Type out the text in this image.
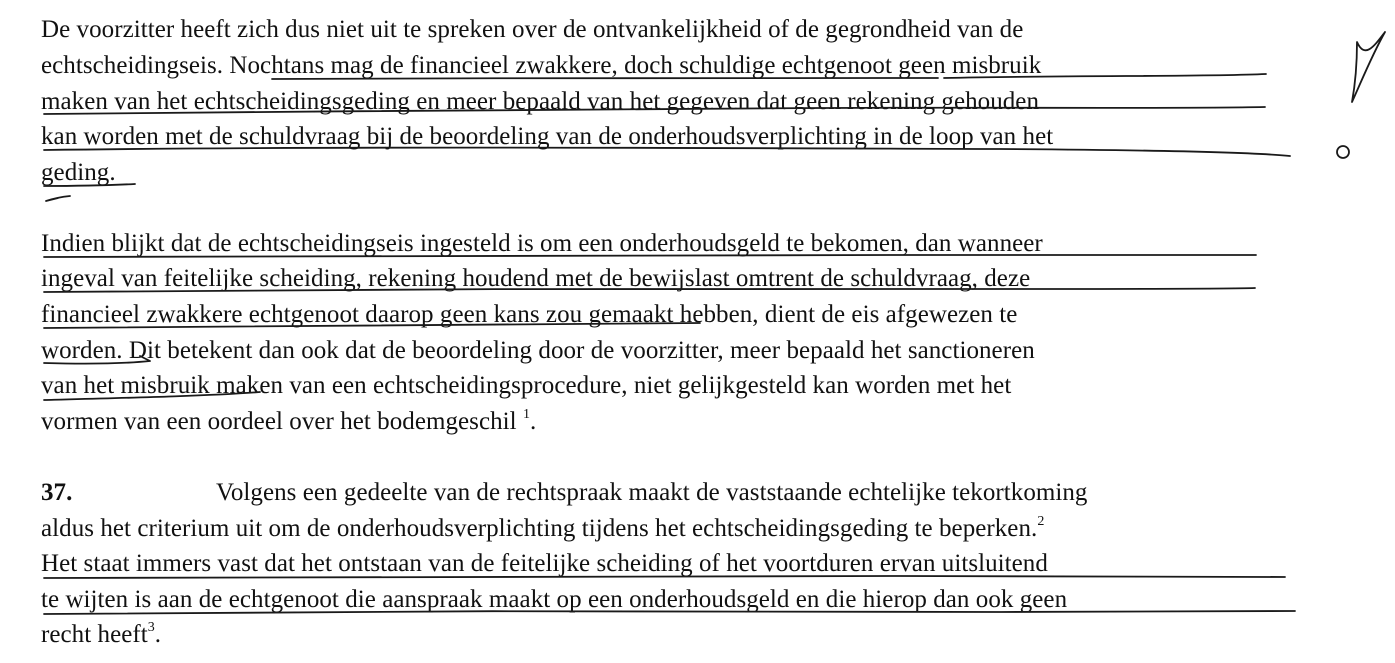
De voorzitter heeft zich dus niet uit te spreken over de ontvankelijkheid of de gegrondheid van de
echtscheidingseis. Nochtans mag de financieel zwakkere, doch schuldige echtgenoot geen misbruik
maken van het echtscheidingsgeding en meer bepaald van het gegeven dat geen rekening gehouden
kan worden met de schuldvraag bij de beoordeling van de onderhoudsverplichting in de loop van het
geding.
Indien blijkt dat de echtscheidingseis ingesteld is om een onderhoudsgeld te bekomen, dan wanneer
ingeval van feitelijke scheiding, rekening houdend met de bewijslast omtrent de schuldvraag, deze
financieel zwakkere echtgenoot daarop geen kans zou gemaakt hebben, dient de eis afgewezen te
worden. Dit betekent dan ook dat de beoordeling door de voorzitter, meer bepaald het sanctioneren
van het misbruik maken van een echtscheidingsprocedure, niet gelijkgesteld kan worden met het
vormen van een oordeel over het bodemgeschil $^1$.
37.	Volgens een gedeelte van de rechtspraak maakt de vaststaande echtelijke tekortkoming
aldus het criterium uit om de onderhoudsverplichting tijdens het echtscheidingsgeding te beperken.$^2$
Het staat immers vast dat het ontstaan van de feitelijke scheiding of het voortduren ervan uitsluitend
te wijten is aan de echtgenoot die aanspraak maakt op een onderhoudsgeld en die hierop dan ook geen
recht heeft$^3$.
